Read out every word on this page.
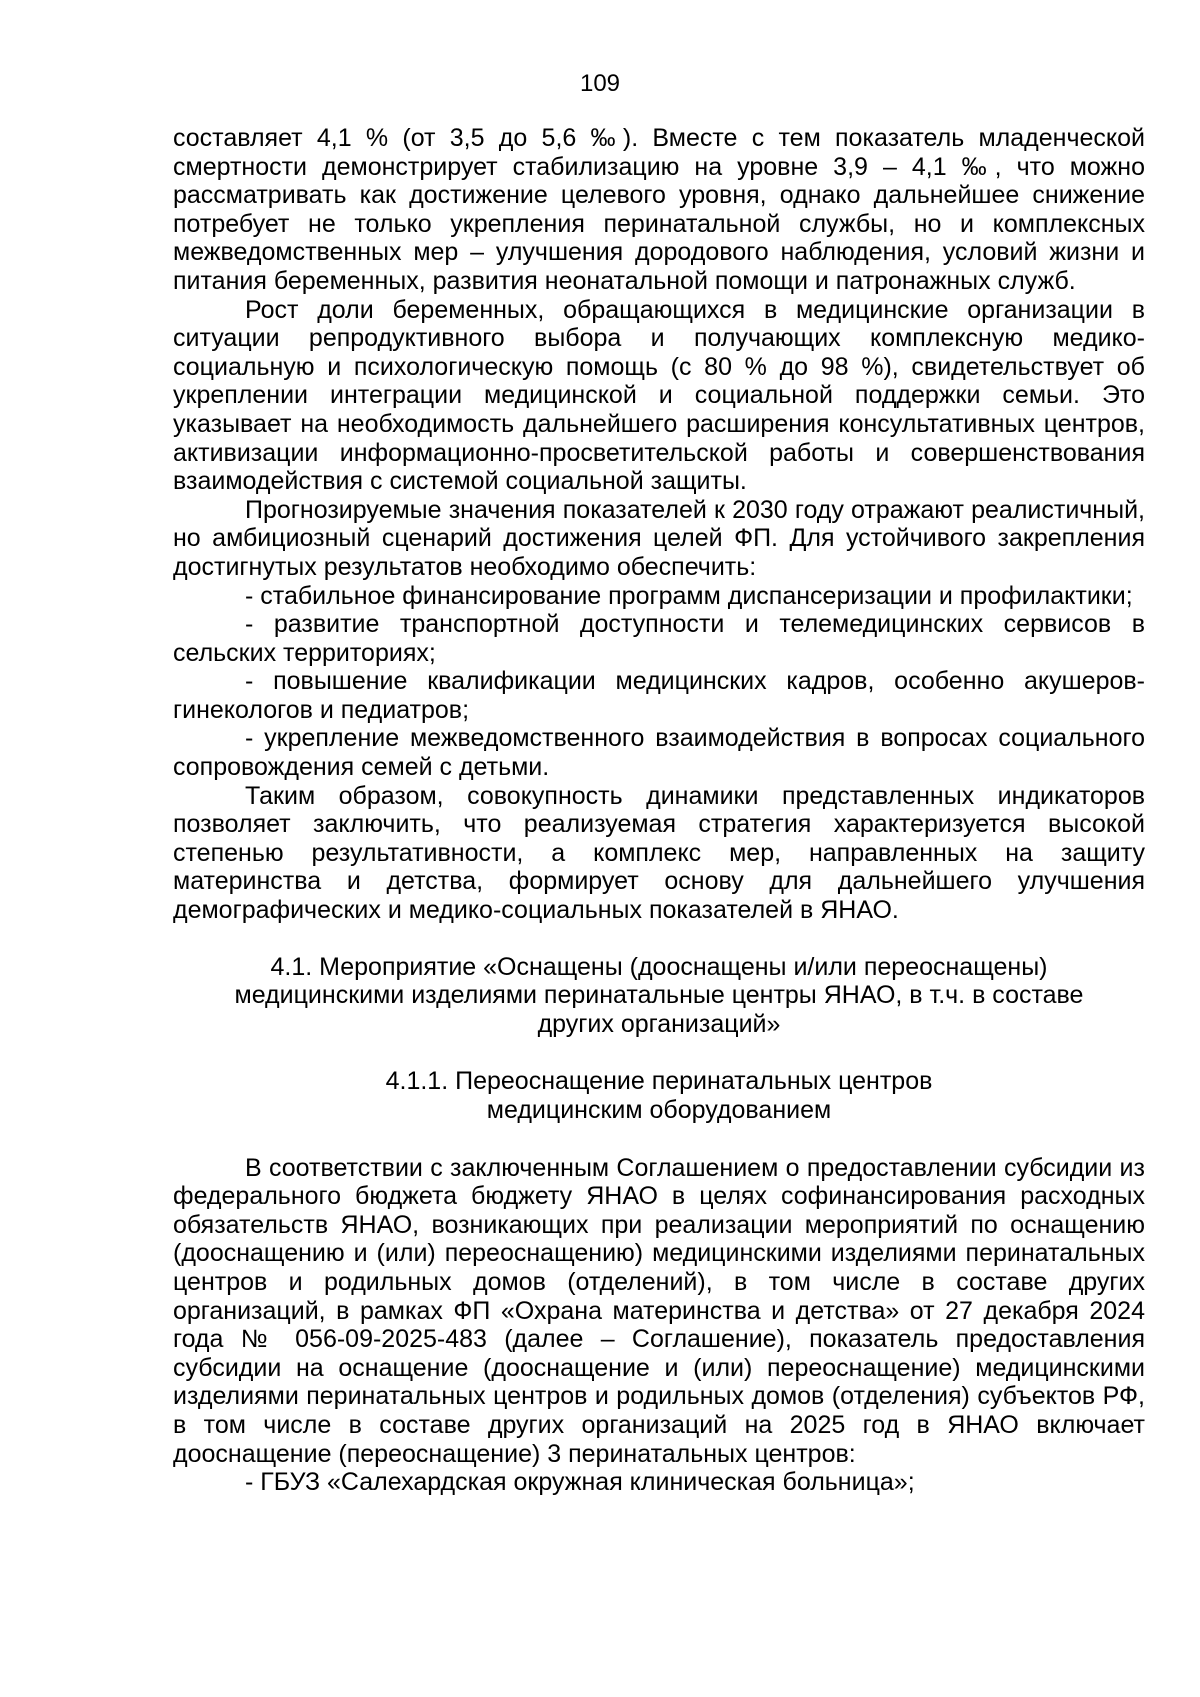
109

составляет 4,1 % (от 3,5 до 5,6 ‰). Вместе с тем показатель младенческой смертности демонстрирует стабилизацию на уровне 3,9 – 4,1 ‰, что можно рассматривать как достижение целевого уровня, однако дальнейшее снижение потребует не только укрепления перинатальной службы, но и комплексных межведомственных мер – улучшения дородового наблюдения, условий жизни и питания беременных, развития неонатальной помощи и патронажных служб.

Рост доли беременных, обращающихся в медицинские организации в ситуации репродуктивного выбора и получающих комплексную медико-социальную и психологическую помощь (с 80 % до 98 %), свидетельствует об укреплении интеграции медицинской и социальной поддержки семьи. Это указывает на необходимость дальнейшего расширения консультативных центров, активизации информационно-просветительской работы и совершенствования взаимодействия с системой социальной защиты.

Прогнозируемые значения показателей к 2030 году отражают реалистичный, но амбициозный сценарий достижения целей ФП. Для устойчивого закрепления достигнутых результатов необходимо обеспечить:

- стабильное финансирование программ диспансеризации и профилактики;

- развитие транспортной доступности и телемедицинских сервисов в сельских территориях;

- повышение квалификации медицинских кадров, особенно акушеров-гинекологов и педиатров;

- укрепление межведомственного взаимодействия в вопросах социального сопровождения семей с детьми.

Таким образом, совокупность динамики представленных индикаторов позволяет заключить, что реализуемая стратегия характеризуется высокой степенью результативности, а комплекс мер, направленных на защиту материнства и детства, формирует основу для дальнейшего улучшения демографических и медико-социальных показателей в ЯНАО.

4.1. Мероприятие «Оснащены (дооснащены и/или переоснащены) медицинскими изделиями перинатальные центры ЯНАО, в т.ч. в составе других организаций»

4.1.1. Переоснащение перинатальных центров медицинским оборудованием

В соответствии с заключенным Соглашением о предоставлении субсидии из федерального бюджета бюджету ЯНАО в целях софинансирования расходных обязательств ЯНАО, возникающих при реализации мероприятий по оснащению (дооснащению и (или) переоснащению) медицинскими изделиями перинатальных центров и родильных домов (отделений), в том числе в составе других организаций, в рамках ФП «Охрана материнства и детства» от 27 декабря 2024 года № 056-09-2025-483 (далее – Соглашение), показатель предоставления субсидии на оснащение (дооснащение и (или) переоснащение) медицинскими изделиями перинатальных центров и родильных домов (отделения) субъектов РФ, в том числе в составе других организаций на 2025 год в ЯНАО включает дооснащение (переоснащение) 3 перинатальных центров:

- ГБУЗ «Салехардская окружная клиническая больница»;
